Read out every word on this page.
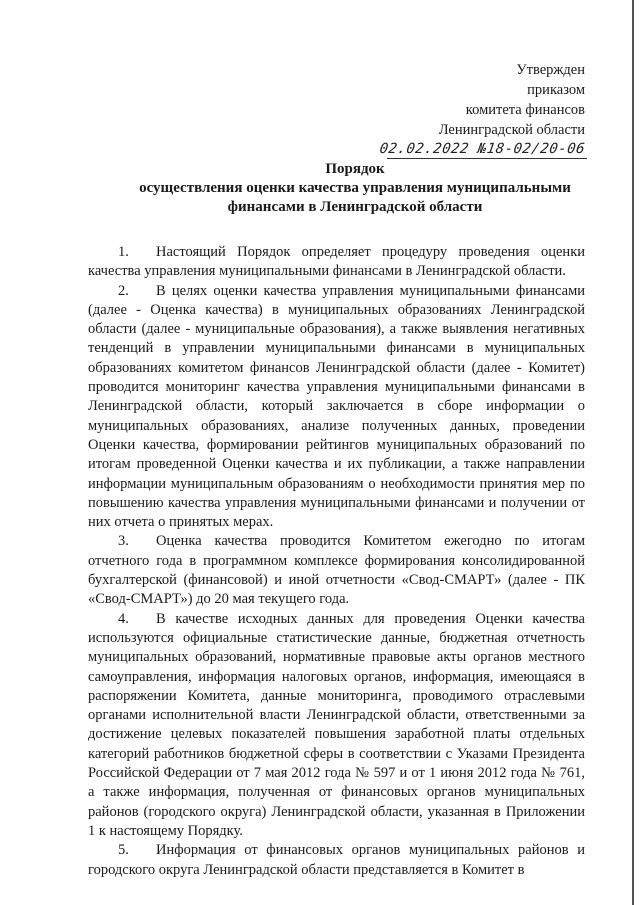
Утвержден
приказом
комитета финансов
Ленинградской области
02.02.2022 №18-02/20-06
Порядок
осуществления оценки качества управления муниципальными
финансами в Ленинградской области

1. Настоящий Порядок определяет процедуру проведения оценки качества управления муниципальными финансами в Ленинградской области.

2. В целях оценки качества управления муниципальными финансами (далее - Оценка качества) в муниципальных образованиях Ленинградской области (далее - муниципальные образования), а также выявления негативных тенденций в управлении муниципальными финансами в муниципальных образованиях комитетом финансов Ленинградской области (далее - Комитет) проводится мониторинг качества управления муниципальными финансами в Ленинградской области, который заключается в сборе информации о муниципальных образованиях, анализе полученных данных, проведении Оценки качества, формировании рейтингов муниципальных образований по итогам проведенной Оценки качества и их публикации, а также направлении информации муниципальным образованиям о необходимости принятия мер по повышению качества управления муниципальными финансами и получении от них отчета о принятых мерах.

3. Оценка качества проводится Комитетом ежегодно по итогам отчетного года в программном комплексе формирования консолидированной бухгалтерской (финансовой) и иной отчетности «Свод-СМАРТ» (далее - ПК «Свод-СМАРТ») до 20 мая текущего года.

4. В качестве исходных данных для проведения Оценки качества используются официальные статистические данные, бюджетная отчетность муниципальных образований, нормативные правовые акты органов местного самоуправления, информация налоговых органов, информация, имеющаяся в распоряжении Комитета, данные мониторинга, проводимого отраслевыми органами исполнительной власти Ленинградской области, ответственными за достижение целевых показателей повышения заработной платы отдельных категорий работников бюджетной сферы в соответствии с Указами Президента Российской Федерации от 7 мая 2012 года № 597 и от 1 июня 2012 года № 761, а также информация, полученная от финансовых органов муниципальных районов (городского округа) Ленинградской области, указанная в Приложении 1 к настоящему Порядку.

5. Информация от финансовых органов муниципальных районов и городского округа Ленинградской области представляется в Комитет в
